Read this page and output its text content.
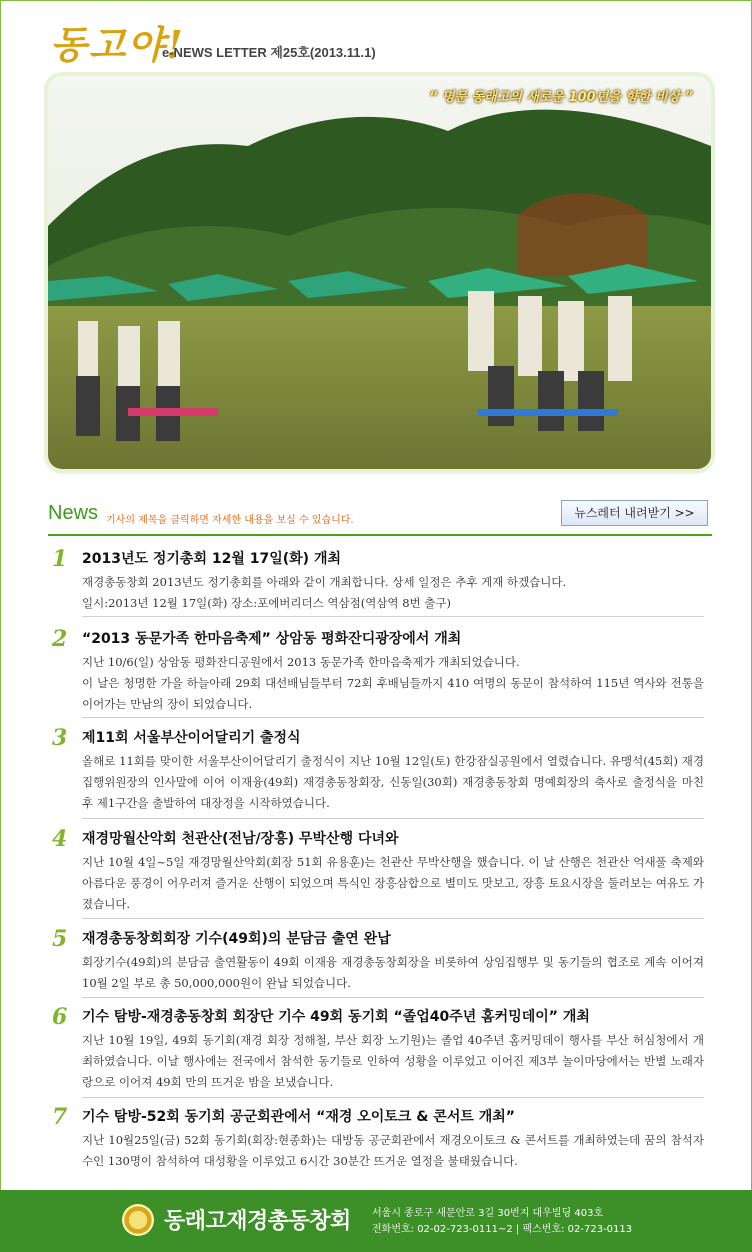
동고야!
e-NEWS LETTER 제25호(2013.11.1)
“ 명문 동래고의 새로운 100년을 향한 비상 ”
News 기사의 제목을 클릭하면 자세한 내용을 보실 수 있습니다.
뉴스레터 내려받기 >>
1	2013년도 정기총회 12월 17일(화) 개최

재경총동창회 2013년도 정기총회를 아래와 같이 개최합니다. 상세 일정은 추후 게재 하겠습니다.

일시:2013년 12월 17일(화) 장소:포에버리더스 역삼점(역삼역 8번 출구)

2	“2013 동문가족 한마음축제” 상암동 평화잔디광장에서 개최

지난 10/6(일) 상암동 평화잔디공원에서 2013 동문가족 한마음축제가 개최되었습니다.

이 날은 청명한 가을 하늘아래 29회 대선배님들부터 72회 후배님들까지 410 여명의 동문이 참석하여 115년 역사와 전통을 이어가는 만남의 장이 되었습니다.

3	제11회 서울부산이어달리기 출정식

올해로 11회를 맞이한 서울부산이어달리기 출정식이 지난 10월 12일(토) 한강잠실공원에서 열렸습니다. 유맹석(45회) 재경집행위원장의 인사말에 이어 이재융(49회) 재경총동창회장, 신동일(30회) 재경총동창회 명예회장의 축사로 출정식을 마친 후 제1구간을 출발하여 대장정을 시작하였습니다.

4	재경망월산악회 천관산(전남/장흥) 무박산행 다녀와

지난 10월 4일~5일 재경망월산악회(회장 51회 유용훈)는 천관산 무박산행을 했습니다. 이 날 산행은 천관산 억새풀 축제와 아름다운 풍경이 어우러져 즐거운 산행이 되었으며 특식인 장흥삼합으로 별미도 맛보고, 장흥 토요시장을 둘러보는 여유도 가졌습니다.

5	재경총동창회회장 기수(49회)의 분담금 출연 완납

회장기수(49회)의 분담금 출연활동이 49회 이재융 재경총동창회장을 비롯하여 상임집행부 및 동기들의 협조로 계속 이어져 10월 2일 부로 총 50,000,000원이 완납 되었습니다.

6	기수 탐방-재경총동창회 회장단 기수 49회 동기회 “졸업40주년 홈커밍데이” 개최

지난 10월 19일, 49회 동기회(재경 회장 정해철, 부산 회장 노기원)는 졸업 40주년 홈커밍데이 행사를 부산 허심청에서 개최하였습니다. 이날 행사에는 전국에서 참석한 동기들로 인하여 성황을 이루었고 이어진 제3부 놀이마당에서는 반별 노래자랑으로 이어져 49회 만의 뜨거운 밤을 보냈습니다.

7	기수 탐방-52회 동기회 공군회관에서 “재경 오이토크 & 콘서트 개최”

지난 10월25일(금) 52회 동기회(회장:현종화)는 대방동 공군회관에서 재경오이토크 & 콘서트를 개최하였는데 꿈의 참석자 수인 130명이 참석하여 대성황을 이루었고 6시간 30분간 뜨거운 열정을 불태웠습니다.

동래고재경총동창회 서울시 종로구 새문안로 3길 30번지 대우빌딩 403호
전화번호: 02-02-723-0111~2 | 팩스번호: 02-723-0113
